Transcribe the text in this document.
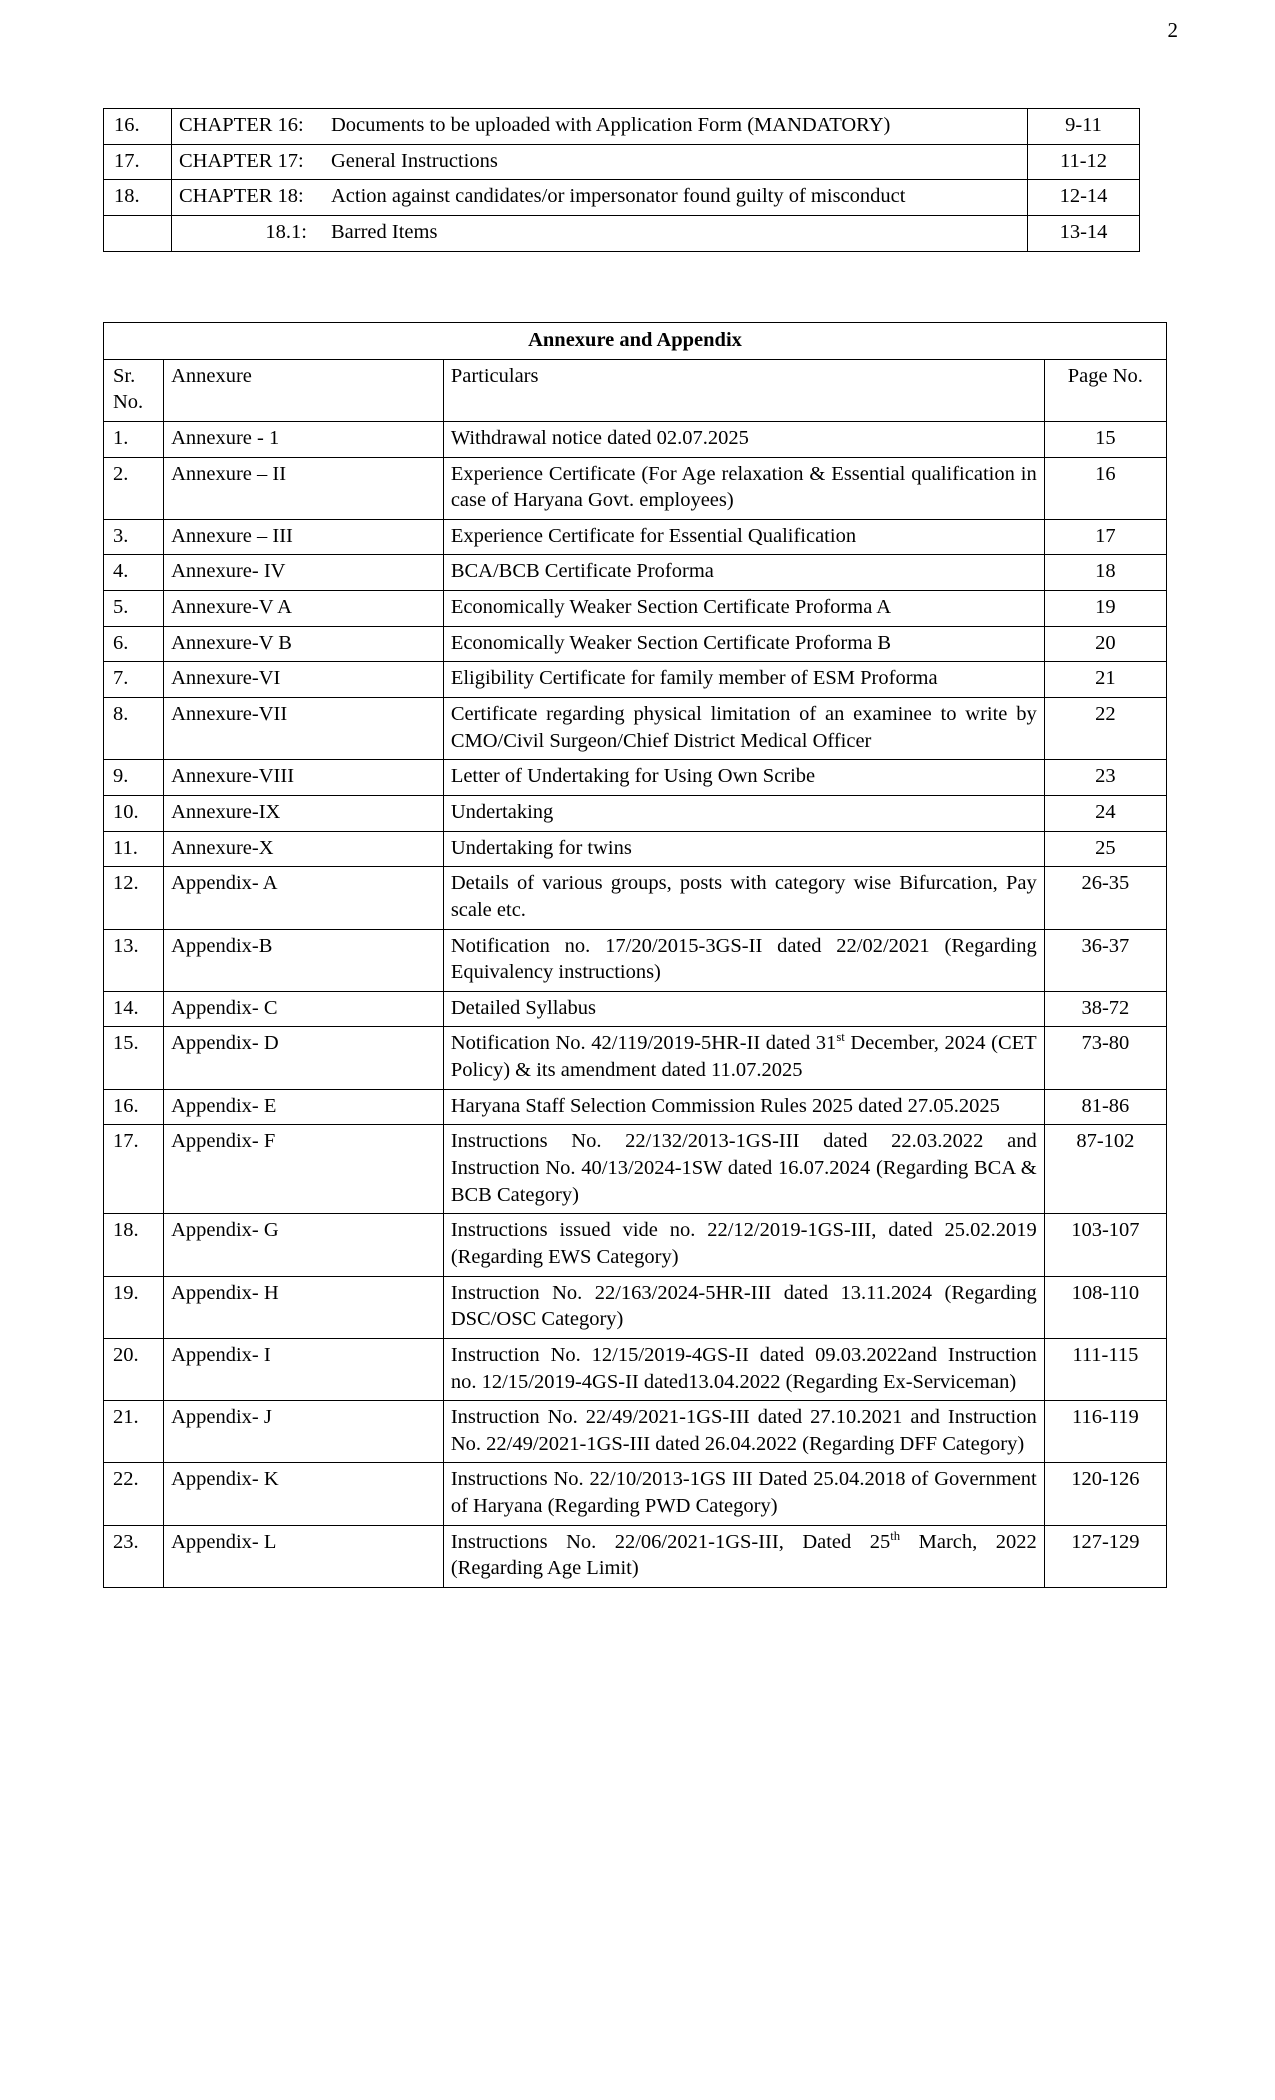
2
16.	CHAPTER 16: Documents to be uploaded with Application Form (MANDATORY)	9-11
17.	CHAPTER 17: General Instructions	11-12
18.	CHAPTER 18: Action against candidates/or impersonator found guilty of misconduct	12-14

	18.1: Barred Items	13-14
Annexure and Appendix			
Sr.
No.	Annexure	Particulars	Page No.
1.	Annexure - 1	Withdrawal notice dated 02.07.2025	15
2.	Annexure – II	Experience Certificate (For Age relaxation & Essential qualification in case of Haryana Govt. employees)	16
3.	Annexure – III	Experience Certificate for Essential Qualification	17
4.	Annexure- IV	BCA/BCB Certificate Proforma	18
5.	Annexure-V A	Economically Weaker Section Certificate Proforma A	19
6.	Annexure-V B	Economically Weaker Section Certificate Proforma B	20
7.	Annexure-VI	Eligibility Certificate for family member of ESM Proforma	21
8.	Annexure-VII	Certificate regarding physical limitation of an examinee to write by CMO/Civil Surgeon/Chief District Medical Officer	22
9.	Annexure-VIII	Letter of Undertaking for Using Own Scribe	23
10.	Annexure-IX	Undertaking	24
11.	Annexure-X	Undertaking for twins	25
12.	Appendix- A	Details of various groups, posts with category wise Bifurcation, Pay scale etc.	26-35
13.	Appendix-B	Notification no. 17/20/2015-3GS-II dated 22/02/2021 (Regarding Equivalency instructions)	36-37
14.	Appendix- C	Detailed Syllabus	38-72
15.	Appendix- D	Notification No. 42/119/2019-5HR-II dated 31st December, 2024 (CET Policy) & its amendment dated 11.07.2025	73-80
16.	Appendix- E	Haryana Staff Selection Commission Rules 2025 dated 27.05.2025	81-86
17.	Appendix- F	Instructions No. 22/132/2013-1GS-III dated 22.03.2022 and Instruction No. 40/13/2024-1SW dated 16.07.2024 (Regarding BCA & BCB Category)	87-102
18.	Appendix- G	Instructions issued vide no. 22/12/2019-1GS-III, dated 25.02.2019 (Regarding EWS Category)	103-107
19.	Appendix- H	Instruction No. 22/163/2024-5HR-III dated 13.11.2024 (Regarding DSC/OSC Category)	108-110
20.	Appendix- I	Instruction No. 12/15/2019-4GS-II dated 09.03.2022and Instruction no. 12/15/2019-4GS-II dated13.04.2022 (Regarding Ex-Serviceman)	111-115
21.	Appendix- J	Instruction No. 22/49/2021-1GS-III dated 27.10.2021 and Instruction No. 22/49/2021-1GS-III dated 26.04.2022 (Regarding DFF Category)	116-119
22.	Appendix- K	Instructions No. 22/10/2013-1GS III Dated 25.04.2018 of Government of Haryana (Regarding PWD Category)	120-126
23.	Appendix- L	Instructions No. 22/06/2021-1GS-III, Dated 25th March, 2022 (Regarding Age Limit)	127-129
